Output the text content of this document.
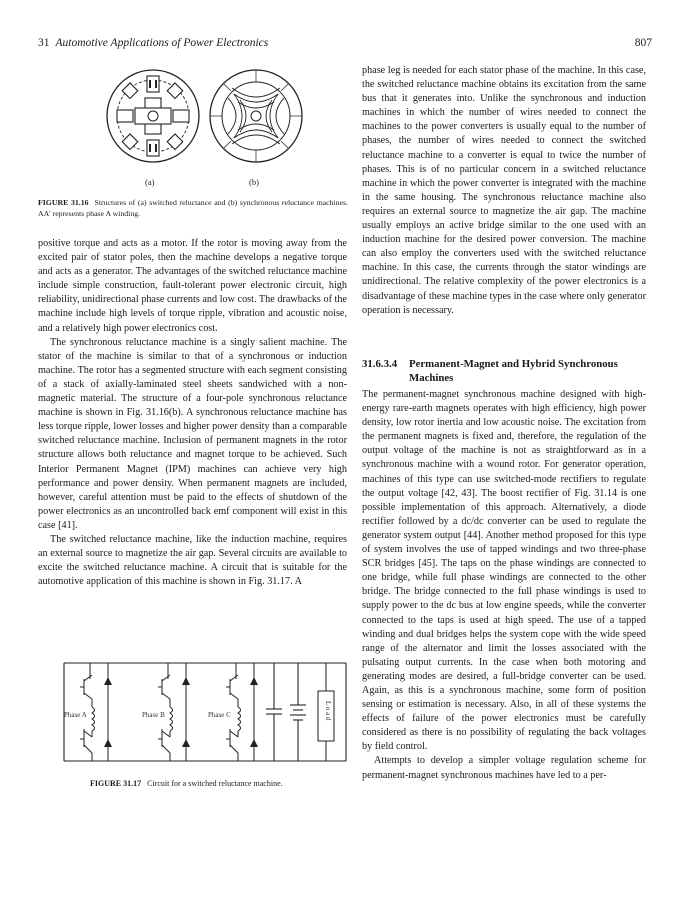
31 Automotive Applications of Power Electronics	807
(a)	(b)
FIGURE 31.16 Structures of (a) switched reluctance and (b) synchronous reluctance machines. AA' represents phase A winding.

positive torque and acts as a motor. If the rotor is moving away from the excited pair of stator poles, then the machine develops a negative torque and acts as a generator. The advantages of the switched reluctance machine include simple construction, fault-tolerant power electronic circuit, high reliability, unidirectional phase currents and low cost. The drawbacks of the machine include high levels of torque ripple, vibration and acoustic noise, and a relatively high power electronics cost.

The synchronous reluctance machine is a singly salient machine. The stator of the machine is similar to that of a synchronous or induction machine. The rotor has a segmented structure with each segment consisting of a stack of axially-laminated steel sheets sandwiched with a non-magnetic material. The structure of a four-pole synchronous reluctance machine is shown in Fig. 31.16(b). A synchronous reluctance machine has less torque ripple, lower losses and higher power density than a comparable switched reluctance machine. Inclusion of permanent magnets in the rotor structure allows both reluctance and magnet torque to be achieved. Such Interior Permanent Magnet (IPM) machines can achieve very high performance and power density. When permanent magnets are included, however, careful attention must be paid to the effects of shutdown of the power electronics as an uncontrolled back emf component will exist in this case [41].

The switched reluctance machine, like the induction machine, requires an external source to magnetize the air gap. Several circuits are available to excite the switched reluctance machine. A circuit that is suitable for the automotive application of this machine is shown in Fig. 31.17. A

Phase A	Phase B	Phase C	L o a d
FIGURE 31.17 Circuit for a switched reluctance machine.

phase leg is needed for each stator phase of the machine. In this case, the switched reluctance machine obtains its excitation from the same bus that it generates into. Unlike the synchronous and induction machines in which the number of wires needed to connect the machines to the power converters is usually equal to the number of phases, the number of wires needed to connect the switched reluctance machine to a converter is equal to twice the number of phases. This is of no particular concern in a switched reluctance machine in which the power converter is integrated with the machine in the same housing. The synchronous reluctance machine also requires an external source to magnetize the air gap. The machine usually employs an active bridge similar to the one used with an induction machine for the desired power conversion. The machine can also employ the converters used with the switched reluctance machine. In this case, the currents through the stator windings are unidirectional. The relative complexity of the power electronics is a disadvantage of these machine types in the case where only generator operation is necessary.

31.6.3.4 Permanent-Magnet and Hybrid Synchronous
Machines

The permanent-magnet synchronous machine designed with high-energy rare-earth magnets operates with high efficiency, high power density, low rotor inertia and low acoustic noise. The excitation from the permanent magnets is fixed and, therefore, the regulation of the output voltage of the machine is not as straightforward as in a synchronous machine with a wound rotor. For generator operation, machines of this type can use switched-mode rectifiers to regulate the output voltage [42, 43]. The boost rectifier of Fig. 31.14 is one possible implementation of this approach. Alternatively, a diode rectifier followed by a dc/dc converter can be used to regulate the generator system output [44]. Another method proposed for this type of system involves the use of tapped windings and two three-phase SCR bridges [45]. The taps on the phase windings are connected to one bridge, while full phase windings are connected to the other bridge. The bridge connected to the full phase windings is used to supply power to the dc bus at low engine speeds, while the converter connected to the taps is used at high speed. The use of a tapped winding and dual bridges helps the system cope with the wide speed range of the alternator and limit the losses associated with the pulsating output currents. In the case when both motoring and generating modes are desired, a full-bridge converter can be used. Again, as this is a synchronous machine, some form of position sensing or estimation is necessary. Also, in all of these systems the effects of failure of the power electronics must be carefully considered as there is no possibility of regulating the back voltages by field control.

Attempts to develop a simpler voltage regulation scheme for permanent-magnet synchronous machines have led to a per-
